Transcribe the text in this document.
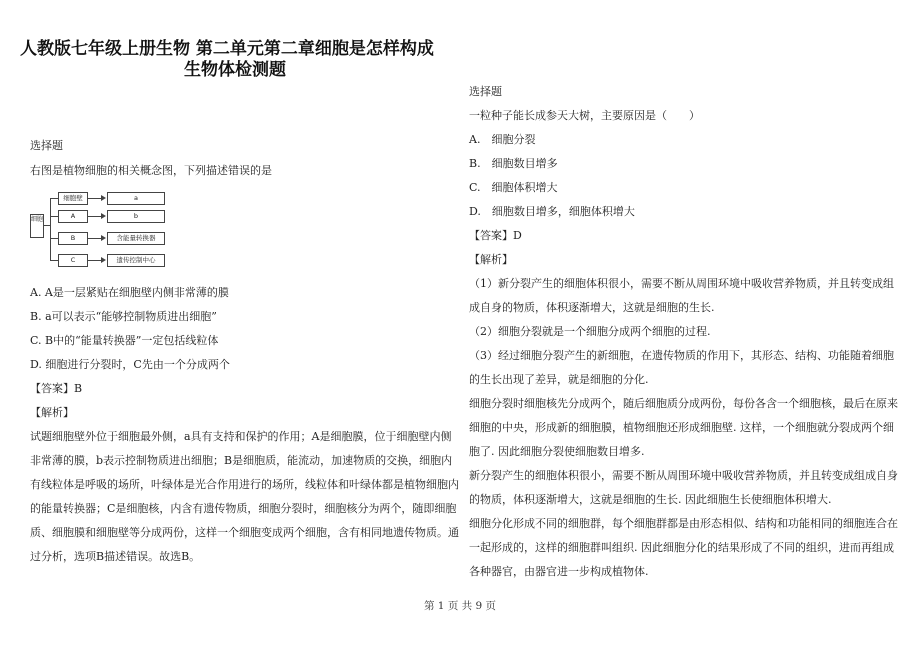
人教版七年级上册生物 第二单元第二章细胞是怎样构成
生物体检测题
选择题
右图是植物细胞的相关概念图，下列描述错误的是
细胞
细胞壁
A
B
C
a
b
含能量转换器
遗传控制中心
A. A是一层紧贴在细胞壁内侧非常薄的膜
B. a可以表示“能够控制物质进出细胞”
C. B中的“能量转换器”一定包括线粒体
D. 细胞进行分裂时，C先由一个分成两个
【答案】B
【解析】
试题细胞壁外位于细胞最外侧，a具有支持和保护的作用；A是细胞膜，位于细胞壁内侧
非常薄的膜，b表示控制物质进出细胞；B是细胞质，能流动，加速物质的交换，细胞内
有线粒体是呼吸的场所，叶绿体是光合作用进行的场所，线粒体和叶绿体都是植物细胞内
的能量转换器；C是细胞核，内含有遗传物质，细胞分裂时，细胞核分为两个，随即细胞
质、细胞膜和细胞壁等分成两份，这样一个细胞变成两个细胞，含有相同地遗传物质。通
过分析，选项B描述错误。故选B。
选择题
一粒种子能长成参天大树，主要原因是（　　）
A.　细胞分裂
B.　细胞数目增多
C.　细胞体积增大
D.　细胞数目增多，细胞体积增大
【答案】D
【解析】
（1）新分裂产生的细胞体积很小，需要不断从周围环境中吸收营养物质，并且转变成组
成自身的物质，体积逐渐增大，这就是细胞的生长.
（2）细胞分裂就是一个细胞分成两个细胞的过程.
（3）经过细胞分裂产生的新细胞，在遗传物质的作用下，其形态、结构、功能随着细胞
的生长出现了差异，就是细胞的分化.
细胞分裂时细胞核先分成两个，随后细胞质分成两份，每份各含一个细胞核，最后在原来
细胞的中央，形成新的细胞膜，植物细胞还形成细胞壁. 这样，一个细胞就分裂成两个细
胞了. 因此细胞分裂使细胞数目增多.
新分裂产生的细胞体积很小，需要不断从周围环境中吸收营养物质，并且转变成组成自身
的物质，体积逐渐增大，这就是细胞的生长. 因此细胞生长使细胞体积增大.
细胞分化形成不同的细胞群，每个细胞群都是由形态相似、结构和功能相同的细胞连合在
一起形成的，这样的细胞群叫组织. 因此细胞分化的结果形成了不同的组织，进而再组成
各种器官，由器官进一步构成植物体.
第 1 页 共 9 页
